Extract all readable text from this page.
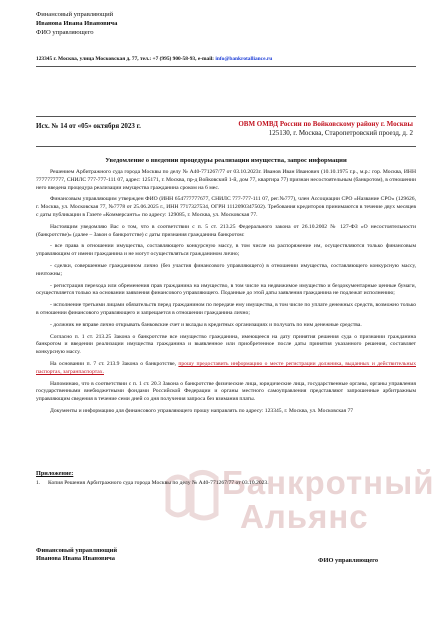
Банкротный
Альянс
Финансовый управляющий
Иванова Ивана Ивановича
ФИО управляющего
123345 г. Москва, улица Московская д. 77, тел.: +7 (995) 900-58-93, e-mail: info@bankrotalliance.ru
Исх. № 14 от «05» октября 2023 г.	ОВМ ОМВД России по Войковскому району г. Москвы
125130, г. Москва, Старопетровский проезд, д. 2
Уведомление о введении процедуры реализации имущества, запрос информации

Решением Арбитражного суда города Москвы по делу № А40-771267/77 от 03.10.2023г. Иванов Иван Иванович (10.10.1975 г.р., м.р.: гор. Москва, ИНН 7777777777, СНИЛС 777-777-111 07, адрес: 125171, г. Москва, пр-д Войковский 1-й, дом 77, квартира 77) признан несостоятельным (банкротом), в отношении него введена процедура реализации имущества гражданина сроком на 6 мес.

Финансовым управляющим утвержден ФИО (ИНН 654777777677, СНИЛС 777-777-111 07, рег.№777), член Ассоциации СРО «Название СРО» (129626, г. Москва, ул. Московская 77, №7778 от 25.06.2025 г., ИНН 7717327534, ОГРН 1112090347502). Требования кредиторов принимаются в течение двух месяцев с даты публикации в Газете «Коммерсантъ» по адресу: 129085, г. Москва, ул. Московская 77.

Настоящим уведомляю Вас о том, что в соответствии с п. 5 ст. 213.25 Федерального закона от 26.10.2002 № 127-ФЗ «О несостоятельности (банкротстве)» (далее – Закон о банкротстве) с даты признания гражданина банкротом:

- все права в отношении имущества, составляющего конкурсную массу, в том числе на распоряжение им, осуществляются только финансовым управляющим от имени гражданина и не могут осуществляться гражданином лично;

- сделки, совершенные гражданином лично (без участия финансового управляющего) в отношении имущества, составляющего конкурсную массу, ничтожны;

- регистрация перехода или обременения прав гражданина на имущество, в том числе на недвижимое имущество и бездокументарные ценные бумаги, осуществляется только на основании заявления финансового управляющего. Поданные до этой даты заявления гражданина не подлежат исполнению;

- исполнение третьими лицами обязательств перед гражданином по передаче ему имущества, в том числе по уплате денежных средств, возможно только в отношении финансового управляющего и запрещается в отношении гражданина лично;

- должник не вправе лично открывать банковские счет и вклады в кредитных организациях и получать по ним денежные средства.

Согласно п. 1 ст. 213.25 Закона о банкротстве все имущество гражданина, имеющееся на дату принятия решения суда о признании гражданина банкротом и введении реализации имущества гражданина и выявленное или приобретенное после даты принятия указанного решения, составляет конкурсную массу.

На основании п. 7 ст. 213.9 Закона о банкротстве, прошу предоставить информацию о месте регистрации должника, выданных и действительных паспортах, загранпаспортах.

Напоминаю, что в соответствии с п. 1 ст. 20.3 Закона о банкротстве физические лица, юридические лица, государственные органы, органы управления государственными внебюджетными фондами Российской Федерации и органы местного самоуправления представляют запрошенные арбитражным управляющим сведения в течение семи дней со дня получения запроса без взимания платы.

Документы и информацию для финансового управляющего прошу направлять по адресу: 123345, г. Москва, ул. Московская 77

Приложение:
1. Копия Решения Арбитражного суда города Москвы по делу № А40-771267/77 от 03.10.2023.
Финансовый управляющий
Иванова Ивана Ивановича	ФИО управляющего
